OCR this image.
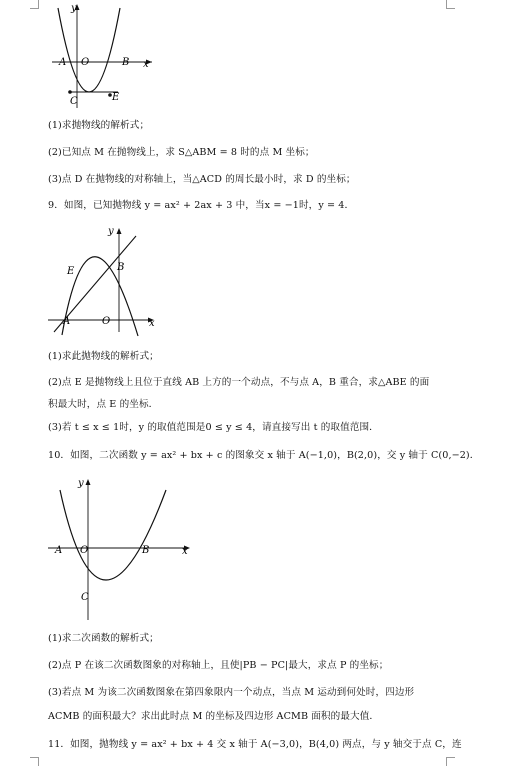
y
A O	B x
C	E
(1)求抛物线的解析式；
(2)已知点 M 在抛物线上，求 S△ABM = 8 时的点 M 坐标；
(3)点 D 在抛物线的对称轴上，当△ACD 的周长最小时，求 D 的坐标；
9．如图，已知抛物线 y = ax² + 2ax + 3 中，当x = −1时，y = 4．
y
E	B
A	O	x
(1)求此抛物线的解析式；
(2)点 E 是抛物线上且位于直线 AB 上方的一个动点，不与点 A，B 重合，求△ABE 的面
积最大时，点 E 的坐标．
(3)若 t ≤ x ≤ 1时，y 的取值范围是0 ≤ y ≤ 4，请直接写出 t 的取值范围．
10．如图，二次函数 y = ax² + bx + c 的图象交 x 轴于 A(−1,0)，B(2,0)，交 y 轴于 C(0,−2)．
y
A O	B	x
C
(1)求二次函数的解析式；
(2)点 P 在该二次函数图象的对称轴上，且使|PB − PC|最大，求点 P 的坐标；
(3)若点 M 为该二次函数图象在第四象限内一个动点，当点 M 运动到何处时，四边形
ACMB 的面积最大？求出此时点 M 的坐标及四边形 ACMB 面积的最大值．
11．如图，抛物线 y = ax² + bx + 4 交 x 轴于 A(−3,0)，B(4,0) 两点，与 y 轴交于点 C，连
